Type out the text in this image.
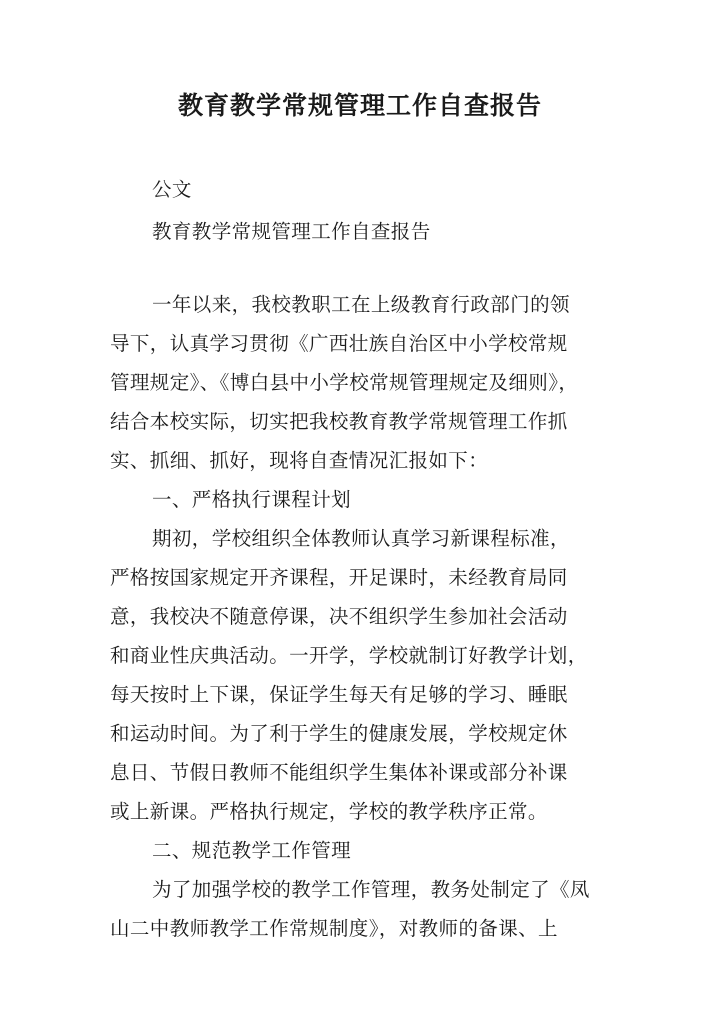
教育教学常规管理工作自查报告

公文

教育教学常规管理工作自查报告

一年以来，我校教职工在上级教育行政部门的领

导下，认真学习贯彻《广西壮族自治区中小学校常规

管理规定》、《博白县中小学校常规管理规定及细则》，

结合本校实际，切实把我校教育教学常规管理工作抓

实、抓细、抓好，现将自查情况汇报如下：

一、严格执行课程计划

期初，学校组织全体教师认真学习新课程标准，

严格按国家规定开齐课程，开足课时，未经教育局同

意，我校决不随意停课，决不组织学生参加社会活动

和商业性庆典活动。一开学，学校就制订好教学计划，

每天按时上下课，保证学生每天有足够的学习、睡眠

和运动时间。为了利于学生的健康发展，学校规定休

息日、节假日教师不能组织学生集体补课或部分补课

或上新课。严格执行规定，学校的教学秩序正常。

二、规范教学工作管理

为了加强学校的教学工作管理，教务处制定了《凤

山二中教师教学工作常规制度》，对教师的备课、上
